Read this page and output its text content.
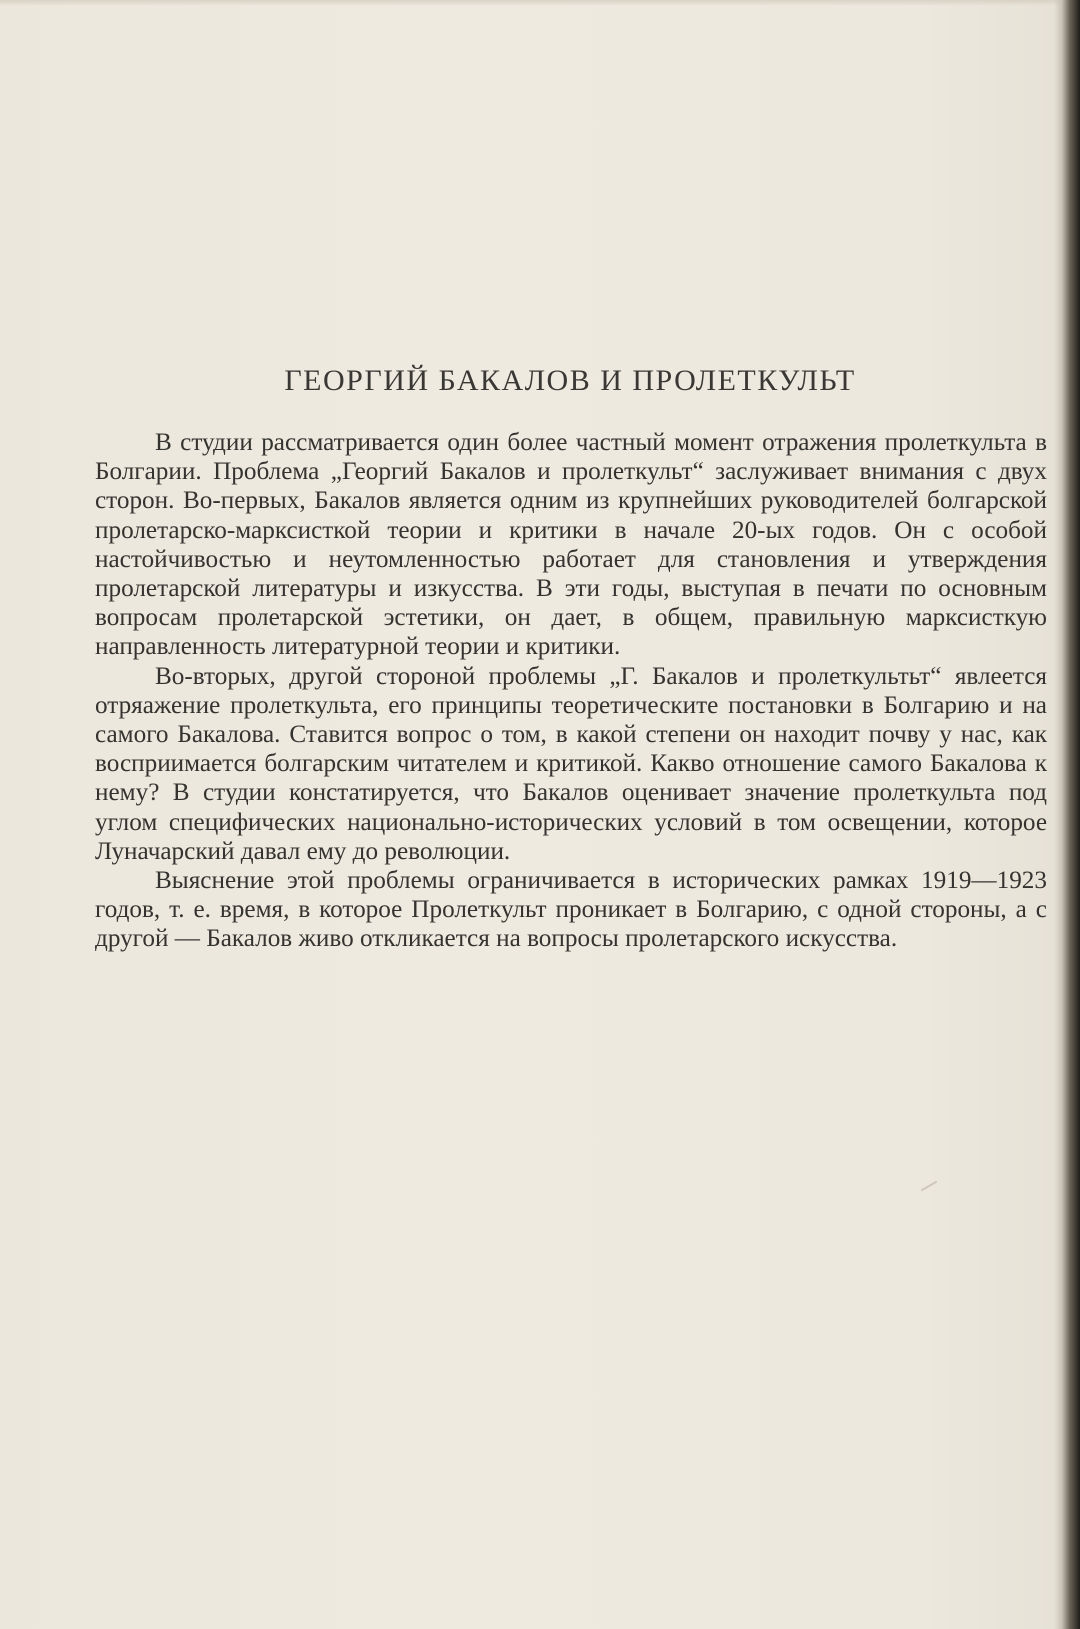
ГЕОРГИЙ БАКАЛОВ И ПРОЛЕТКУЛЬТ

В студии рассматривается один более частный момент отражения пролеткульта в Болгарии. Проблема „Георгий Бакалов и пролеткульт“ заслуживает внимания с двух сторон. Во-первых, Бакалов является одним из крупнейших руководителей болгарской пролетарско-марксисткой теории и критики в начале 20-ых годов. Он с особой настойчивостью и неутомленностью работает для становления и утверждения пролетарской литературы и изкусства. В эти годы, выступая в печати по основным вопросам пролетарской эстетики, он дает, в общем, правильную марксисткую направленность литературной теории и критики.

Во-вторых, другой стороной проблемы „Г. Бакалов и пролеткультьт“ явлеется отряажение пролеткульта, его принципы теоретическите постановки в Болгарию и на самого Бакалова. Ставится вопрос о том, в какой степени он находит почву у нас, как восприимается болгарским читателем и критикой. Какво отношение самого Бакалова к нему? В студии констатируется, что Бакалов оценивает значение пролеткульта под углом специфических национально-исторических условий в том освещении, которое Луначарский давал ему до революции.

Выяснение этой проблемы ограничивается в исторических рамках 1919—1923 годов, т. е. время, в которое Пролеткульт проникает в Болгарию, с одной стороны, а с другой — Бакалов живо откликается на вопросы пролетарского искусства.
